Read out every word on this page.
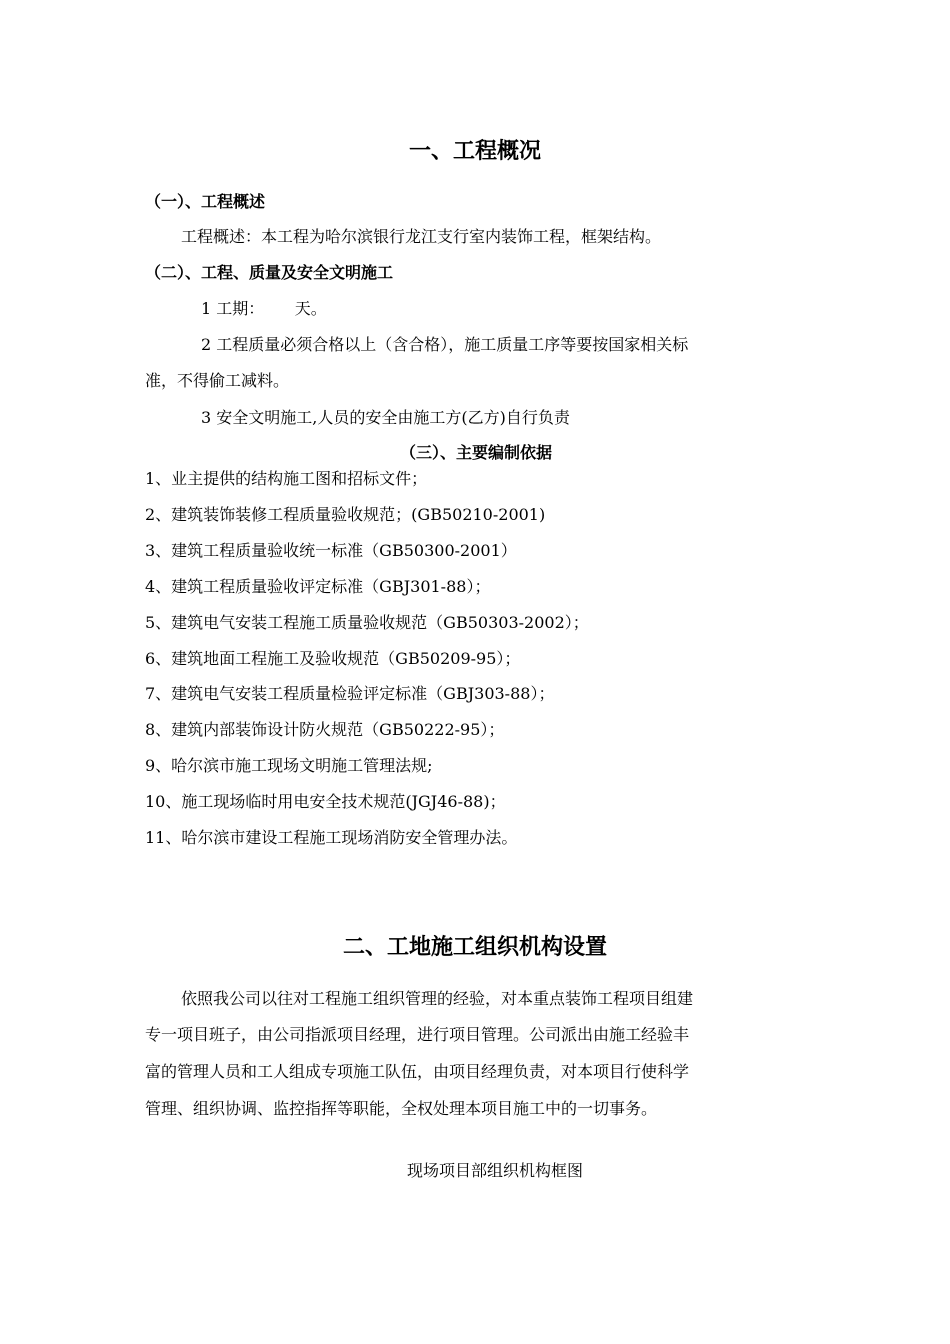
一、工程概况
（一）、工程概述
工程概述：本工程为哈尔滨银行龙江支行室内装饰工程，框架结构。
（二）、工程、质量及安全文明施工
1 工期：      天。
2 工程质量必须合格以上（含合格），施工质量工序等要按国家相关标
准，不得偷工减料。
3 安全文明施工,人员的安全由施工方(乙方)自行负责
（三）、主要编制依据
1、业主提供的结构施工图和招标文件；
2、建筑装饰装修工程质量验收规范；(GB50210-2001)
3、建筑工程质量验收统一标准（GB50300-2001）
4、建筑工程质量验收评定标准（GBJ301-88）；
5、建筑电气安装工程施工质量验收规范（GB50303-2002）；
6、建筑地面工程施工及验收规范（GB50209-95）；
7、建筑电气安装工程质量检验评定标准（GBJ303-88）；
8、建筑内部装饰设计防火规范（GB50222-95）；
9、哈尔滨市施工现场文明施工管理法规;
10、施工现场临时用电安全技术规范(JGJ46-88)；
11、哈尔滨市建设工程施工现场消防安全管理办法。
二、工地施工组织机构设置
依照我公司以往对工程施工组织管理的经验，对本重点装饰工程项目组建
专一项目班子，由公司指派项目经理，进行项目管理。公司派出由施工经验丰
富的管理人员和工人组成专项施工队伍，由项目经理负责，对本项目行使科学
管理、组织协调、监控指挥等职能，全权处理本项目施工中的一切事务。
现场项目部组织机构框图
